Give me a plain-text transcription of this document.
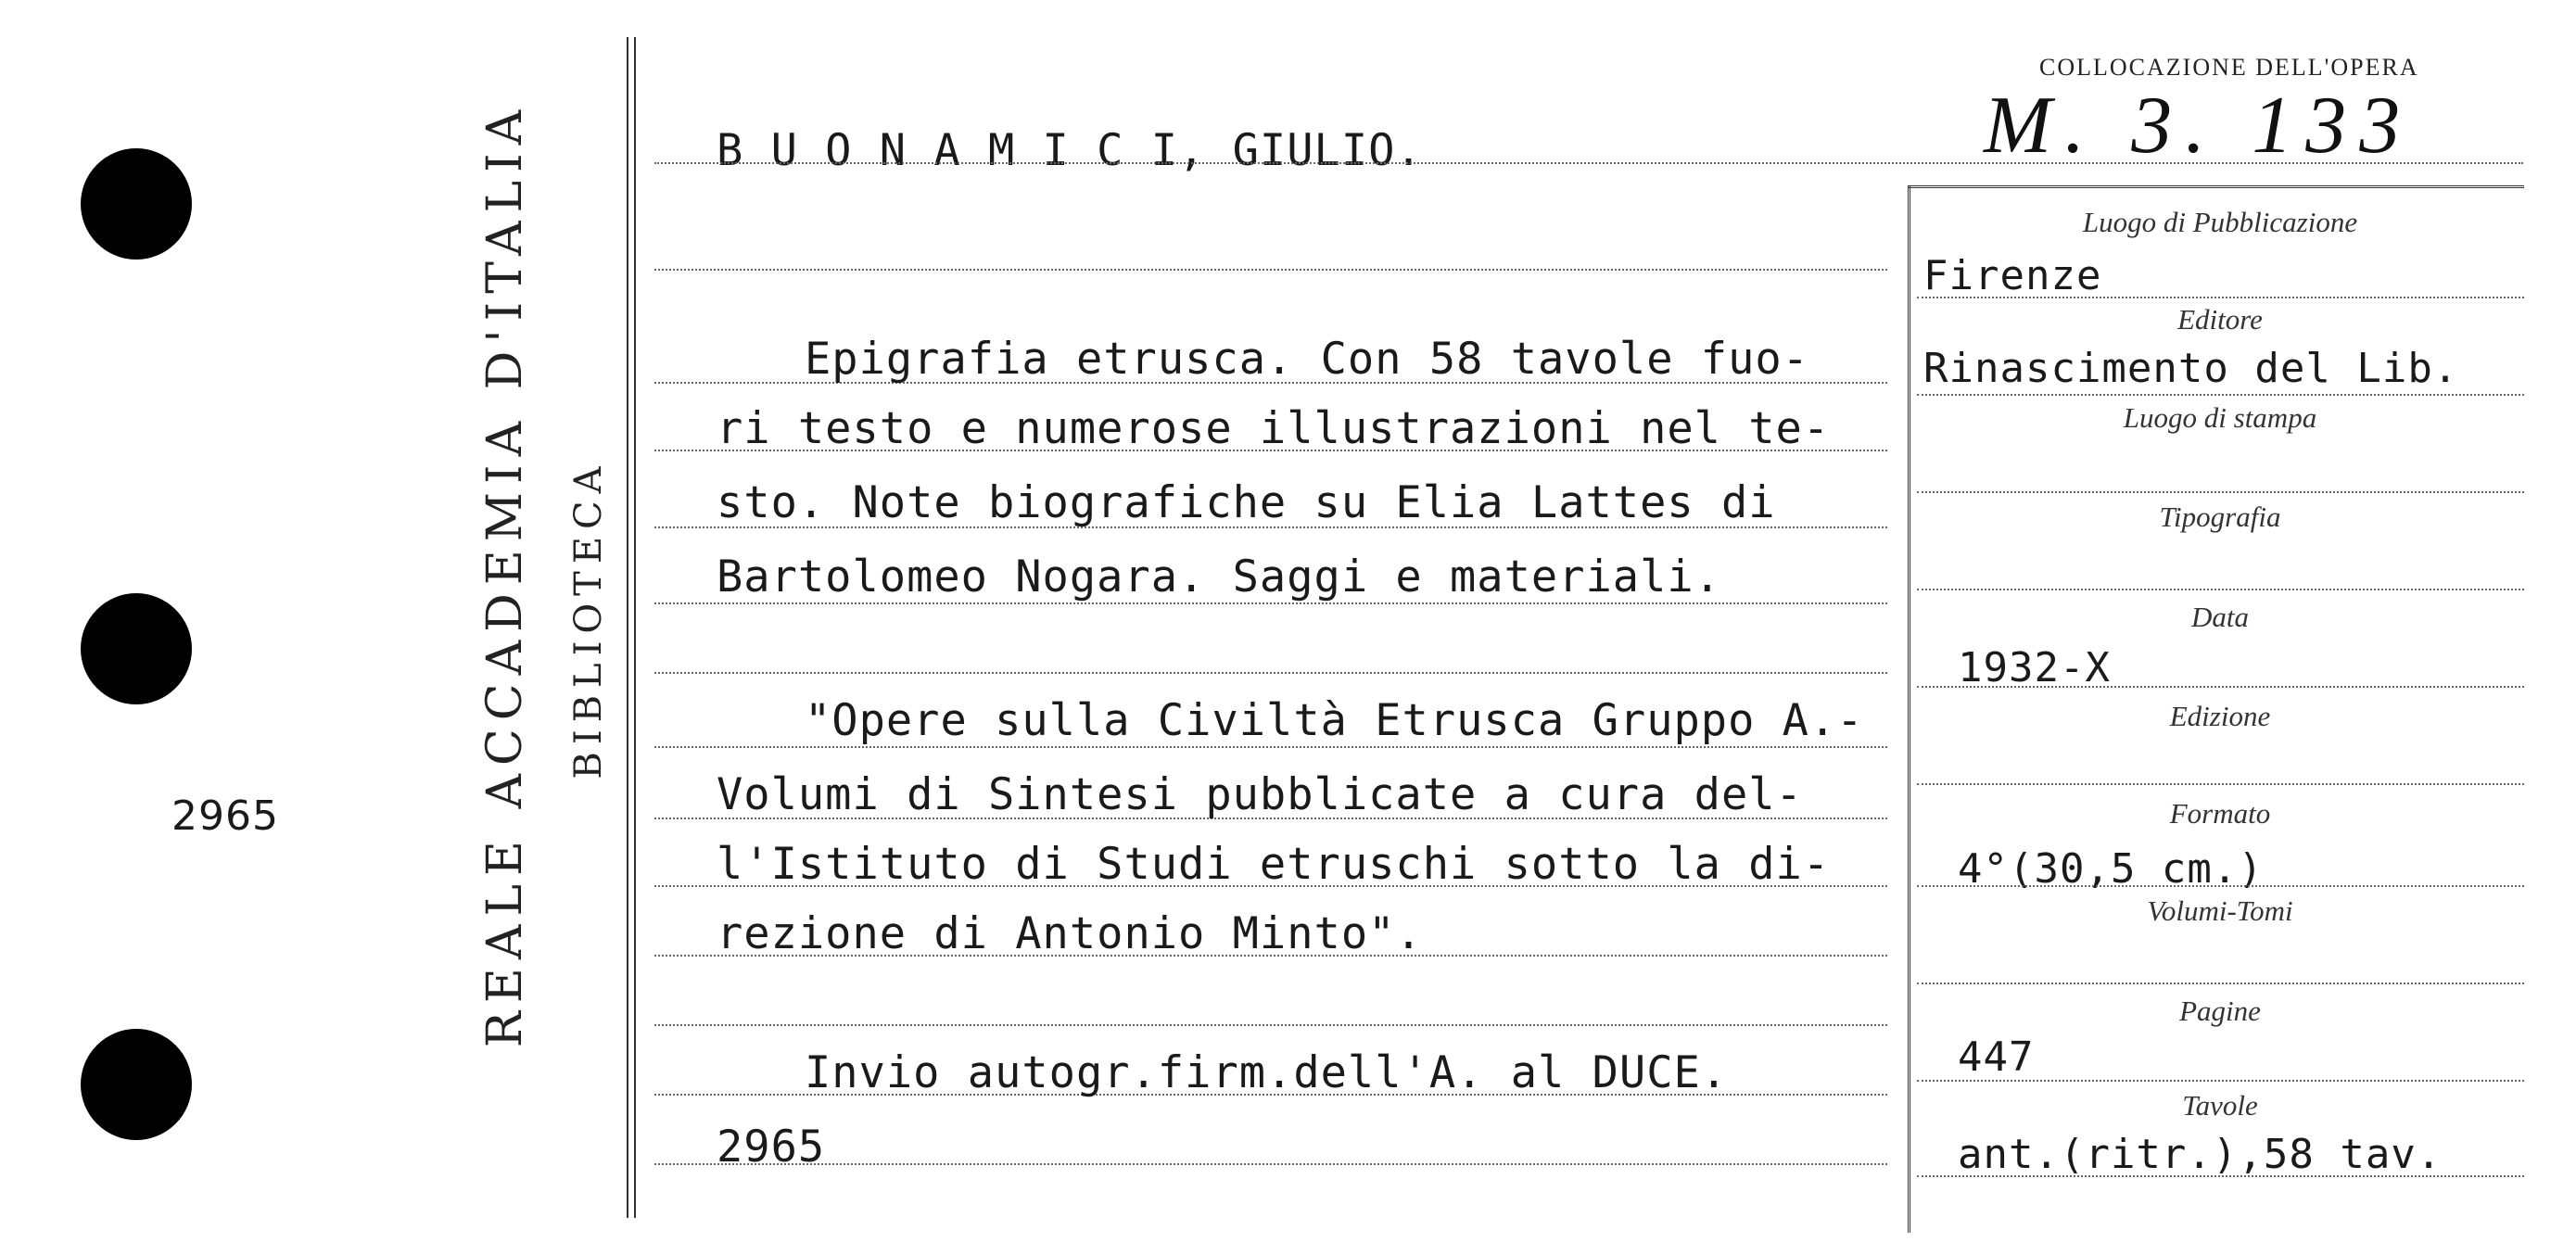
2965	REALE ACCADEMIA D'ITALIA BIBLIOTECA
COLLOCAZIONE DELL'OPERA
M. 3. 133
B U O N A M I C I, GIULIO.
Epigrafia etrusca. Con 58 tavole fuo-
ri testo e numerose illustrazioni nel te-
sto. Note biografiche su Elia Lattes di
Bartolomeo Nogara. Saggi e materiali.
"Opere sulla Civiltà Etrusca Gruppo A.-
Volumi di Sintesi pubblicate a cura del-
l'Istituto di Studi etruschi sotto la di-
rezione di Antonio Minto".
Invio autogr.firm.dell'A. al DUCE.
2965
Luogo di Pubblicazione
Firenze
Editore
Rinascimento del Lib.
Luogo di stampa
Tipografia
Data
1932-X
Edizione
Formato
4°(30,5 cm.)
Volumi-Tomi
Pagine
447
Tavole
ant.(ritr.),58 tav.
